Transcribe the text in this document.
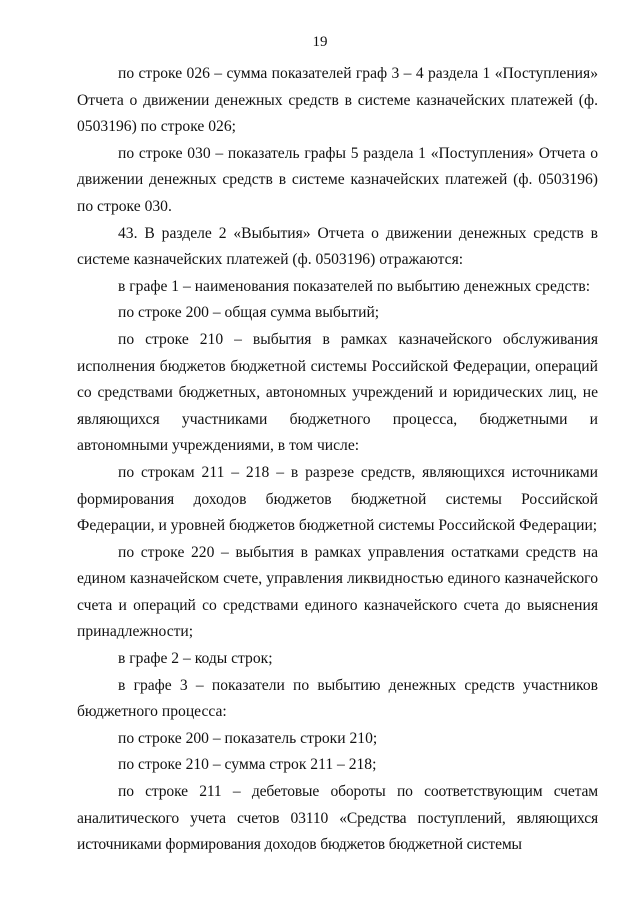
19

по строке 026 – сумма показателей граф 3 – 4 раздела 1 «Поступления» Отчета о движении денежных средств в системе казначейских платежей (ф. 0503196) по строке 026;

по строке 030 – показатель графы 5 раздела 1 «Поступления» Отчета о движении денежных средств в системе казначейских платежей (ф. 0503196) по строке 030.

43. В разделе 2 «Выбытия» Отчета о движении денежных средств в системе казначейских платежей (ф. 0503196) отражаются:

в графе 1 – наименования показателей по выбытию денежных средств:

по строке 200 – общая сумма выбытий;

по строке 210 – выбытия в рамках казначейского обслуживания исполнения бюджетов бюджетной системы Российской Федерации, операций со средствами бюджетных, автономных учреждений и юридических лиц, не являющихся участниками бюджетного процесса, бюджетными и автономными учреждениями, в том числе:

по строкам 211 – 218 – в разрезе средств, являющихся источниками формирования доходов бюджетов бюджетной системы Российской Федерации, и уровней бюджетов бюджетной системы Российской Федерации;

по строке 220 – выбытия в рамках управления остатками средств на едином казначейском счете, управления ликвидностью единого казначейского счета и операций со средствами единого казначейского счета до выяснения принадлежности;

в графе 2 – коды строк;

в графе 3 – показатели по выбытию денежных средств участников бюджетного процесса:

по строке 200 – показатель строки 210;

по строке 210 – сумма строк 211 – 218;

по строке 211 – дебетовые обороты по соответствующим счетам аналитического учета счетов 03110 «Средства поступлений, являющихся источниками формирования доходов бюджетов бюджетной системы
